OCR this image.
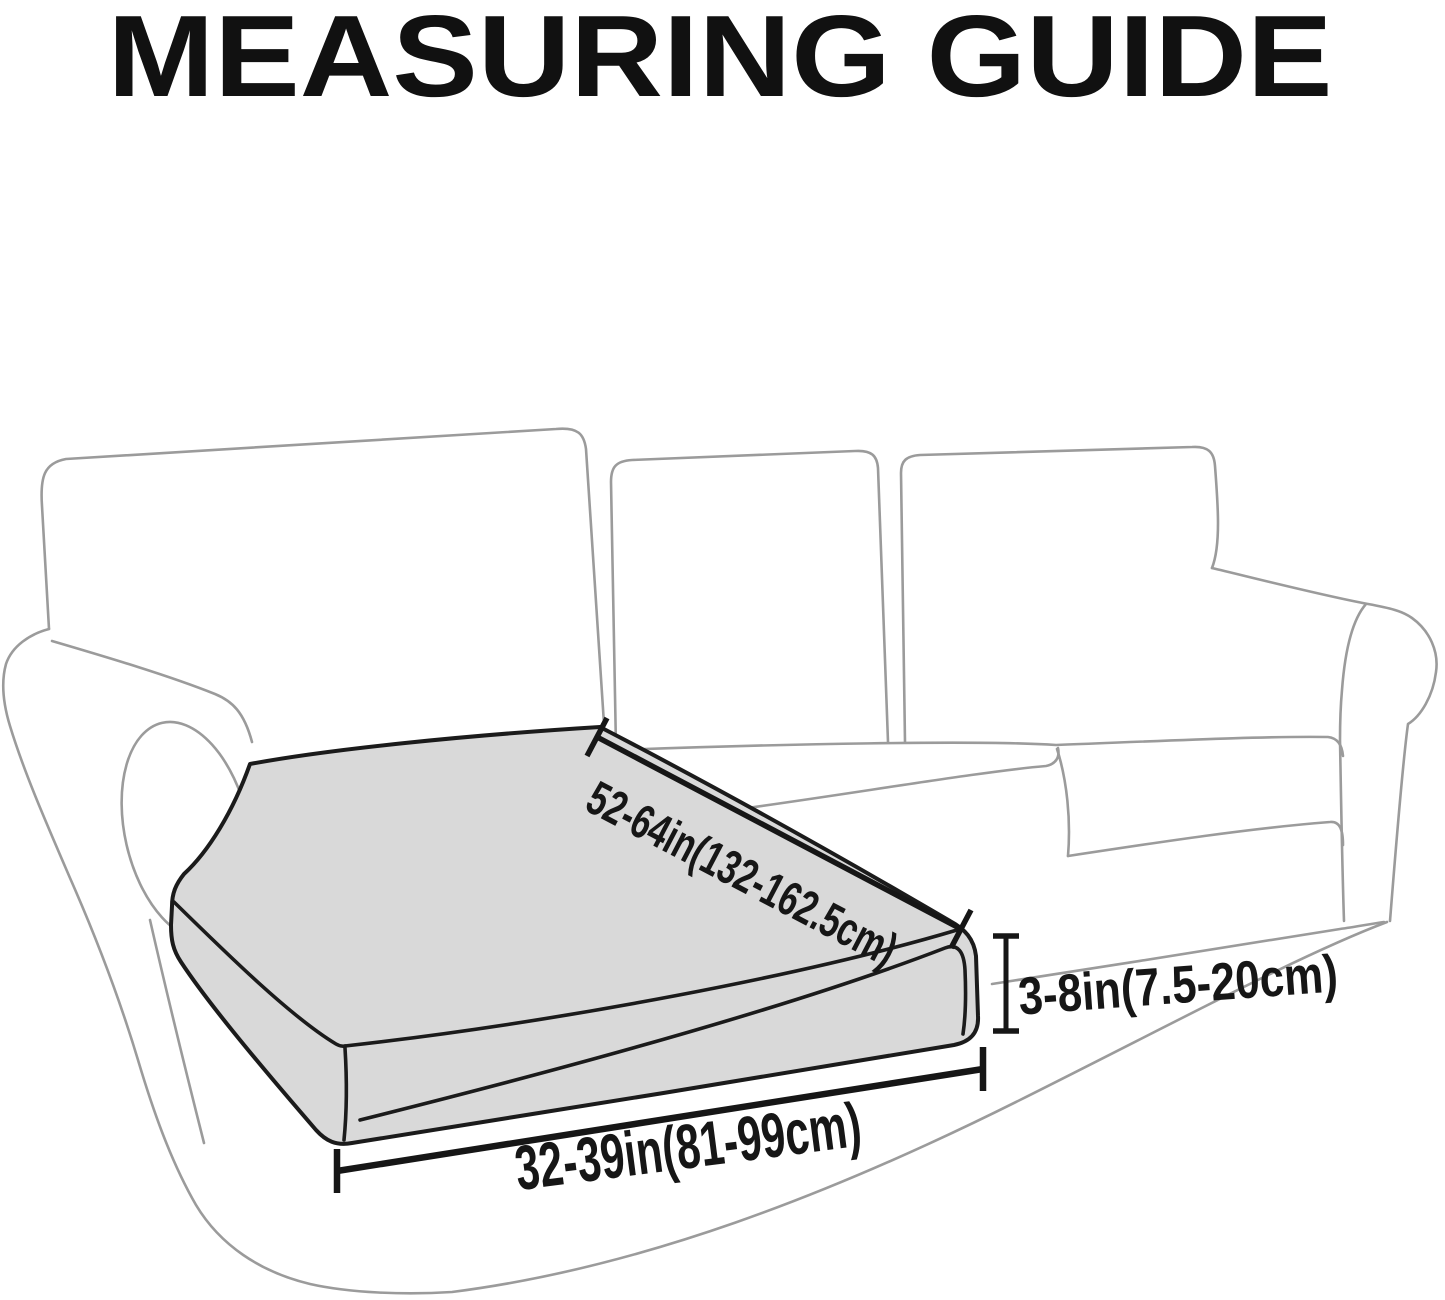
MEASURING GUIDE
52-64in(132-162.5cm)
3-8in(7.5-20cm)
32-39in(81-99cm)
